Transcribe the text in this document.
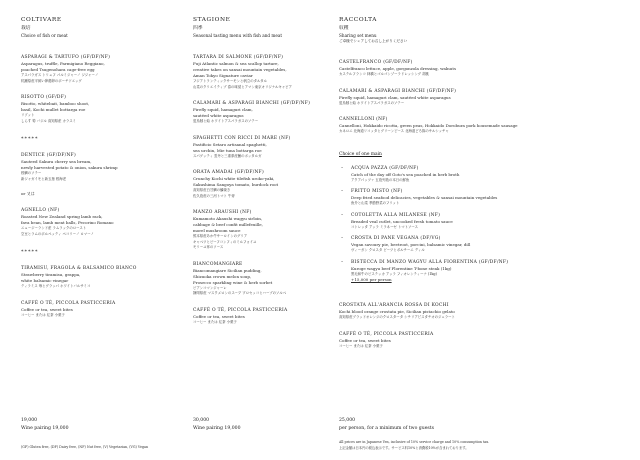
COLTIVARE
栽培
Choice of fish or meat
ASPARAGI & TARTUFO (GF/DF/NF)
Asparagus, truffle, Parmigiano Reggiano,
poached Tsugenohara cage-free egg
アスパラガス トリュフ パルミジャーノ ジジャーノ
杭瀬原産平飼い卵鶏卵のポーチドエッグ
RISOTTO (GF/DF)
Risotto, whitebait, bamboo shoot,
basil, Kochi mullet bottarga roe
リゾット
しらす 筍 バジル 高知県産 カラスミ
*****
DENTICE (GF/DF/NF)
Sauteed Sakura cherry sea bream,
newly harvested potato & onion, sakura shrimp
桜鯛のソテー
新ジャガイモと新玉葱 桜海老
or 又は
AGNELLO (NF)
Roasted New Zealand spring lamb rack,
fava bean, lamb meat balls, Pecorino Romano
ニュージーランド産 ラムラックのロースト
空豆とラムのポルペッティ ペコリーノ ロマーノ
*****
TIRAMISU, FRAGOLA & BALSAMICO BIANCO
Strawberry tiramisu, grappa,
white balsamic vinegar
ティラミス 苺とグラッパ ホワイトバルサミコ
CAFFÈ O TÈ, PICCOLA PASTICCERIA
Coffee or tea, sweet bites
コーヒー または 紅茶 小菓子
19,000
Wine pairing 19,000
(GF) Gluten free, (DF) Dairy free, (NF) Nut free, (V) Vegetarian, (VG) Vegan
STAGIONE
四季
Seasonal tasting menu with fish and meat
TARTARA DI SALMONE (GF/DF/NF)
Fuji Atlantic salmon & sea scallop tartare,
creative takes on sansai mountain vegetables,
Aman Tokyo Signature caviar
フジアトランティックサーモンと帆立のタルタル
山菜のクリエイティブ 春の味覚とアマン東京オリジナルキャビア
CALAMARI & ASPARAGI BIANCHI (GF/DF/NF)
Firefly squid, hamaguri clam,
sautéed white asparagus
蛍烏賊と蛤 ホワイトアスパラガスのソテー
SPAGHETTI CON RICCI DI MARE (NF)
Pastificio Setaro artisanal spaghetti,
sea urchin, Mie tuna bottarga roe
スパゲッティ 雲丹と三重県産鮪のボッタルガ
ORATA AMADAI (GF/DF/NF)
Crunchy Kochi white tilefish uroko-yaki,
Sakushima Sangoya tomato, burdock root
高知県産白甘鯛の鱗焼き
佐久島産の三河トマト 牛蒡
MANZO ARAUSHI (NF)
Kumamoto Akaushi wagyu sirloin,
cabbage & beef confit millefeuille,
morel mushroom sauce
熊本県産あか牛サーロインのグリア
キャベツとビーフコンフィのミルフォイユ
モリーユ茸のソース
BIANCOMANGIARE
Biancomangiare Sicilian pudding,
Shizuoka crown melon soup,
Prosecco sparkling wine & herb sorbet
ビアンコマンジャーレ
静岡県産 マスクメロンのスープ プロセッコとハーブのソルベ
CAFFÈ O TÈ, PICCOLA PASTICCERIA
Coffee or tea, sweet bites
コーヒー または 紅茶 小菓子
30,000
Wine pairing 19,000
RACCOLTA
収穫
Sharing set menu
ご卓様でシェアしてお召し上がりください
CASTELFRANCO (GF/DF/NF)
Castelfranco lettuce, apple, gorgonzola dressing, walnuts
カステルフランコ 林檎とゴルゴンゾーラドレッシング 胡桃
CALAMARI & ASPARAGI BIANCHI (GF/DF/NF)
Firefly squid, hamaguri clam, sautéed white asparagus
蛍烏賊と蛤 ホワイトアスパラガスのソテー
CANNELLONI (NF)
Cannelloni, Hokkaido ricotta, green peas, Hokkaido Dorobura pork housemade sausage
カネロニ 北海道リコッタとグリーンピース 北海道どろ豚のサルシッチャ
Choice of one main
– ACQUA PAZZA (GF/DF/NF)
Catch of the day off Goto's sea poached in herb broth
アクアパッツァ 五島列島の本日の鮮魚
– FRITTO MISTO (NF)
Deep fried seafood delicacies, vegetables & sansai mountain vegetables
魚介と山菜 季節野菜のフリット
– COTOLETTA ALLA MILANESE (NF)
Breaded veal cutlet, uncooked fresh tomato sauce
コトレッタ アッラ ミラネーゼ トマトソース
– CROSTA DI PANE VEGANA (DF/VG)
Vegan savoury pie, beetroot, porcini, balsamic vinegar, dill
ヴィーガン クロスタ ビーツとポルチーニ ディル
– BISTECCA DI MANZO WAGYU ALLA FIORENTINA (GF/DF/NF)
Kuroge wagyu beef Florentine T-bone steak (1kg)
黒毛和牛のビステッカ アッラ フィオレンティーナ (1kg)
+15,000 per person
CROSTATA ALL'ARANCIA ROSSA DI KOCHI
Kochi blood orange crostata pie, Sicilian pistachio gelato
高知県産ブラッドオレンジのクロスタータ シチリアピスタチオのジェラート
CAFFÈ O TÈ, PICCOLA PASTICCERIA
Coffee or tea, sweet bites
コーヒー または 紅茶 小菓子
25,000
per person, for a minimum of two guests
All prices are in Japanese Yen, inclusive of 10% service charge and 10% consumption tax.
上記金額は日本円の税込表示です。サービス料10%と消費税10%が含まれております。
